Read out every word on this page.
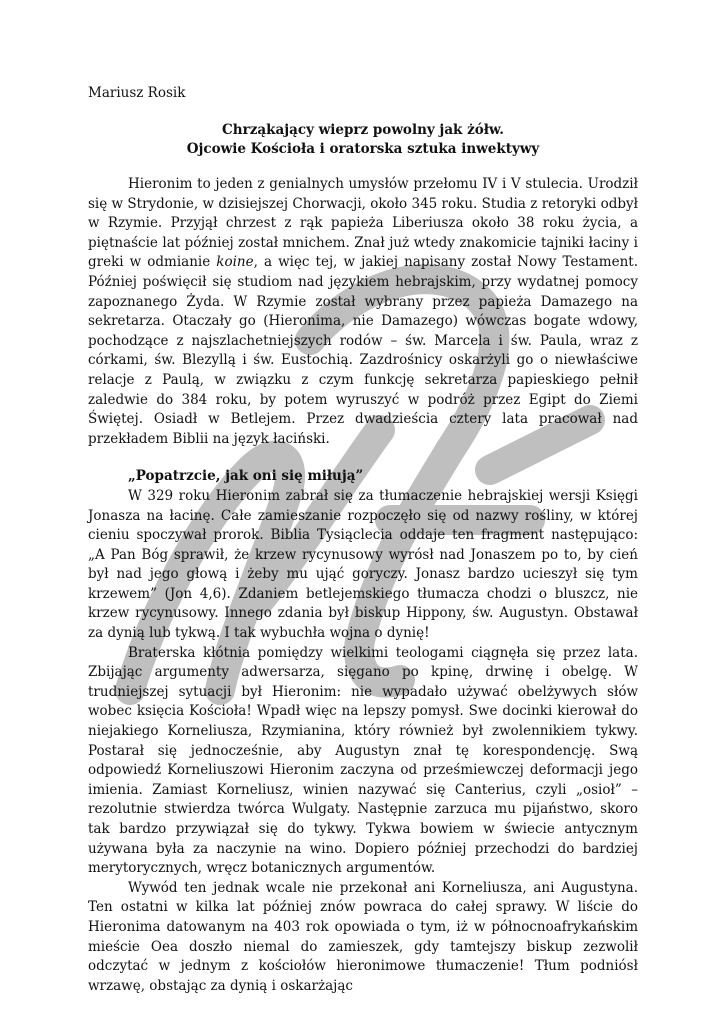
Mariusz Rosik

Chrząkający wieprz powolny jak żółw.
Ojcowie Kościoła i oratorska sztuka inwektywy

Hieronim to jeden z genialnych umysłów przełomu IV i V stulecia. Urodził się w Strydonie, w dzisiejszej Chorwacji, około 345 roku. Studia z retoryki odbył w Rzymie. Przyjął chrzest z rąk papieża Liberiusza około 38 roku życia, a piętnaście lat później został mnichem. Znał już wtedy znakomicie tajniki łaciny i greki w odmianie koine, a więc tej, w jakiej napisany został Nowy Testament. Później poświęcił się studiom nad językiem hebrajskim, przy wydatnej pomocy zapoznanego Żyda. W Rzymie został wybrany przez papieża Damazego na sekretarza. Otaczały go (Hieronima, nie Damazego) wówczas bogate wdowy, pochodzące z najszlachetniejszych rodów – św. Marcela i św. Paula, wraz z córkami, św. Blezyllą i św. Eustochią. Zazdrośnicy oskarżyli go o niewłaściwe relacje z Paulą, w związku z czym funkcję sekretarza papieskiego pełnił zaledwie do 384 roku, by potem wyruszyć w podróż przez Egipt do Ziemi Świętej. Osiadł w Betlejem. Przez dwadzieścia cztery lata pracował nad przekładem Biblii na język łaciński.

„Popatrzcie, jak oni się miłują”

W 329 roku Hieronim zabrał się za tłumaczenie hebrajskiej wersji Księgi Jonasza na łacinę. Całe zamieszanie rozpoczęło się od nazwy rośliny, w której cieniu spoczywał prorok. Biblia Tysiąclecia oddaje ten fragment następująco: „A Pan Bóg sprawił, że krzew rycynusowy wyrósł nad Jonaszem po to, by cień był nad jego głową i żeby mu ująć goryczy. Jonasz bardzo ucieszył się tym krzewem” (Jon 4,6). Zdaniem betlejemskiego tłumacza chodzi o bluszcz, nie krzew rycynusowy. Innego zdania był biskup Hippony, św. Augustyn. Obstawał za dynią lub tykwą. I tak wybuchła wojna o dynię!

Braterska kłótnia pomiędzy wielkimi teologami ciągnęła się przez lata. Zbijając argumenty adwersarza, sięgano po kpinę, drwinę i obelgę. W trudniejszej sytuacji był Hieronim: nie wypadało używać obelżywych słów wobec księcia Kościoła! Wpadł więc na lepszy pomysł. Swe docinki kierował do niejakiego Korneliusza, Rzymianina, który również był zwolennikiem tykwy. Postarał się jednocześnie, aby Augustyn znał tę korespondencję. Swą odpowiedź Korneliuszowi Hieronim zaczyna od prześmiewczej deformacji jego imienia. Zamiast Korneliusz, winien nazywać się Canterius, czyli „osioł” – rezolutnie stwierdza twórca Wulgaty. Następnie zarzuca mu pijaństwo, skoro tak bardzo przywiązał się do tykwy. Tykwa bowiem w świecie antycznym używana była za naczynie na wino. Dopiero później przechodzi do bardziej merytorycznych, wręcz botanicznych argumentów.

Wywód ten jednak wcale nie przekonał ani Korneliusza, ani Augustyna. Ten ostatni w kilka lat później znów powraca do całej sprawy. W liście do Hieronima datowanym na 403 rok opowiada o tym, iż w północnoafrykańskim mieście Oea doszło niemal do zamieszek, gdy tamtejszy biskup zezwolił odczytać w jednym z kościołów hieronimowe tłumaczenie! Tłum podniósł wrzawę, obstając za dynią i oskarżając
